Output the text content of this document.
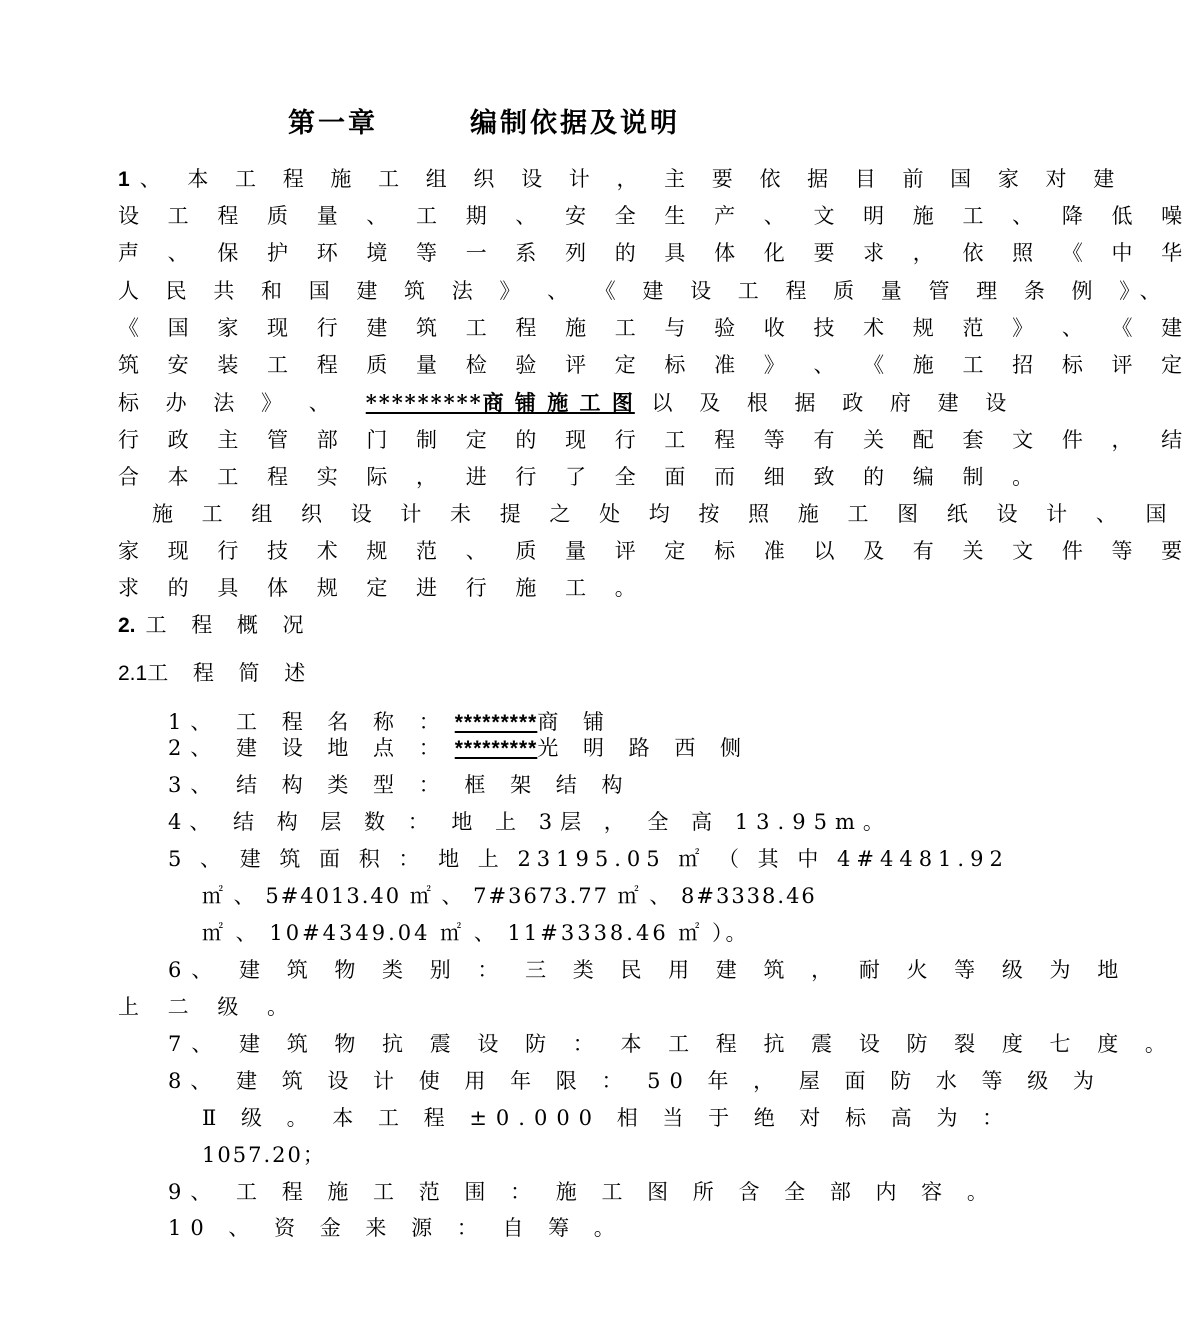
第一章	编制依据及说明
1、 本 工 程 施 工 组 织 设 计 ， 主 要 依 据 目 前 国 家 对 建
设 工 程 质 量 、 工 期 、 安 全 生 产 、 文 明 施 工 、 降 低 噪
声 、 保 护 环 境 等 一 系 列 的 具 体 化 要 求 ， 依 照 《 中 华
人 民 共 和 国 建 筑 法 》 、 《 建 设 工 程 质 量 管 理 条 例 》、
《 国 家 现 行 建 筑 工 程 施 工 与 验 收 技 术 规 范 》 、 《 建
筑 安 装 工 程 质 量 检 验 评 定 标 准 》 、 《 施 工 招 标 评 定
标 办 法 》 、 *********商 铺 施 工 图 以 及 根 据 政 府 建 设
行 政 主 管 部 门 制 定 的 现 行 工 程 等 有 关 配 套 文 件 ， 结
合 本 工 程 实 际 ， 进 行 了 全 面 而 细 致 的 编 制 。
施 工 组 织 设 计 未 提 之 处 均 按 照 施 工 图 纸 设 计 、 国
家 现 行 技 术 规 范 、 质 量 评 定 标 准 以 及 有 关 文 件 等 要
求 的 具 体 规 定 进 行 施 工 。
2. 工 程 概 况
2.1工 程 简 述
1、 工 程 名 称 ： *********商 铺
2、 建 设 地 点 ： *********光 明 路 西 侧
3、 结 构 类 型 ： 框 架 结 构
4、 结 构 层 数 ： 地 上 3层 ， 全 高 13.95m。
5 、 建 筑 面 积 ： 地 上 23195.05 ㎡ （ 其 中 4#4481.92
㎡ 、 5#4013.40 ㎡ 、 7#3673.77 ㎡ 、 8#3338.46
㎡ 、 10#4349.04 ㎡ 、 11#3338.46 ㎡ ）。
6、 建 筑 物 类 别 ： 三 类 民 用 建 筑 ， 耐 火 等 级 为 地
上 二 级 。
7、 建 筑 物 抗 震 设 防 ： 本 工 程 抗 震 设 防 裂 度 七 度 。
8、 建 筑 设 计 使 用 年 限 ： 50 年 ， 屋 面 防 水 等 级 为
Ⅱ 级 。 本 工 程 ±0.000 相 当 于 绝 对 标 高 为 ：
1057.20；
9、 工 程 施 工 范 围 ： 施 工 图 所 含 全 部 内 容 。
10 、 资 金 来 源 ： 自 筹 。
